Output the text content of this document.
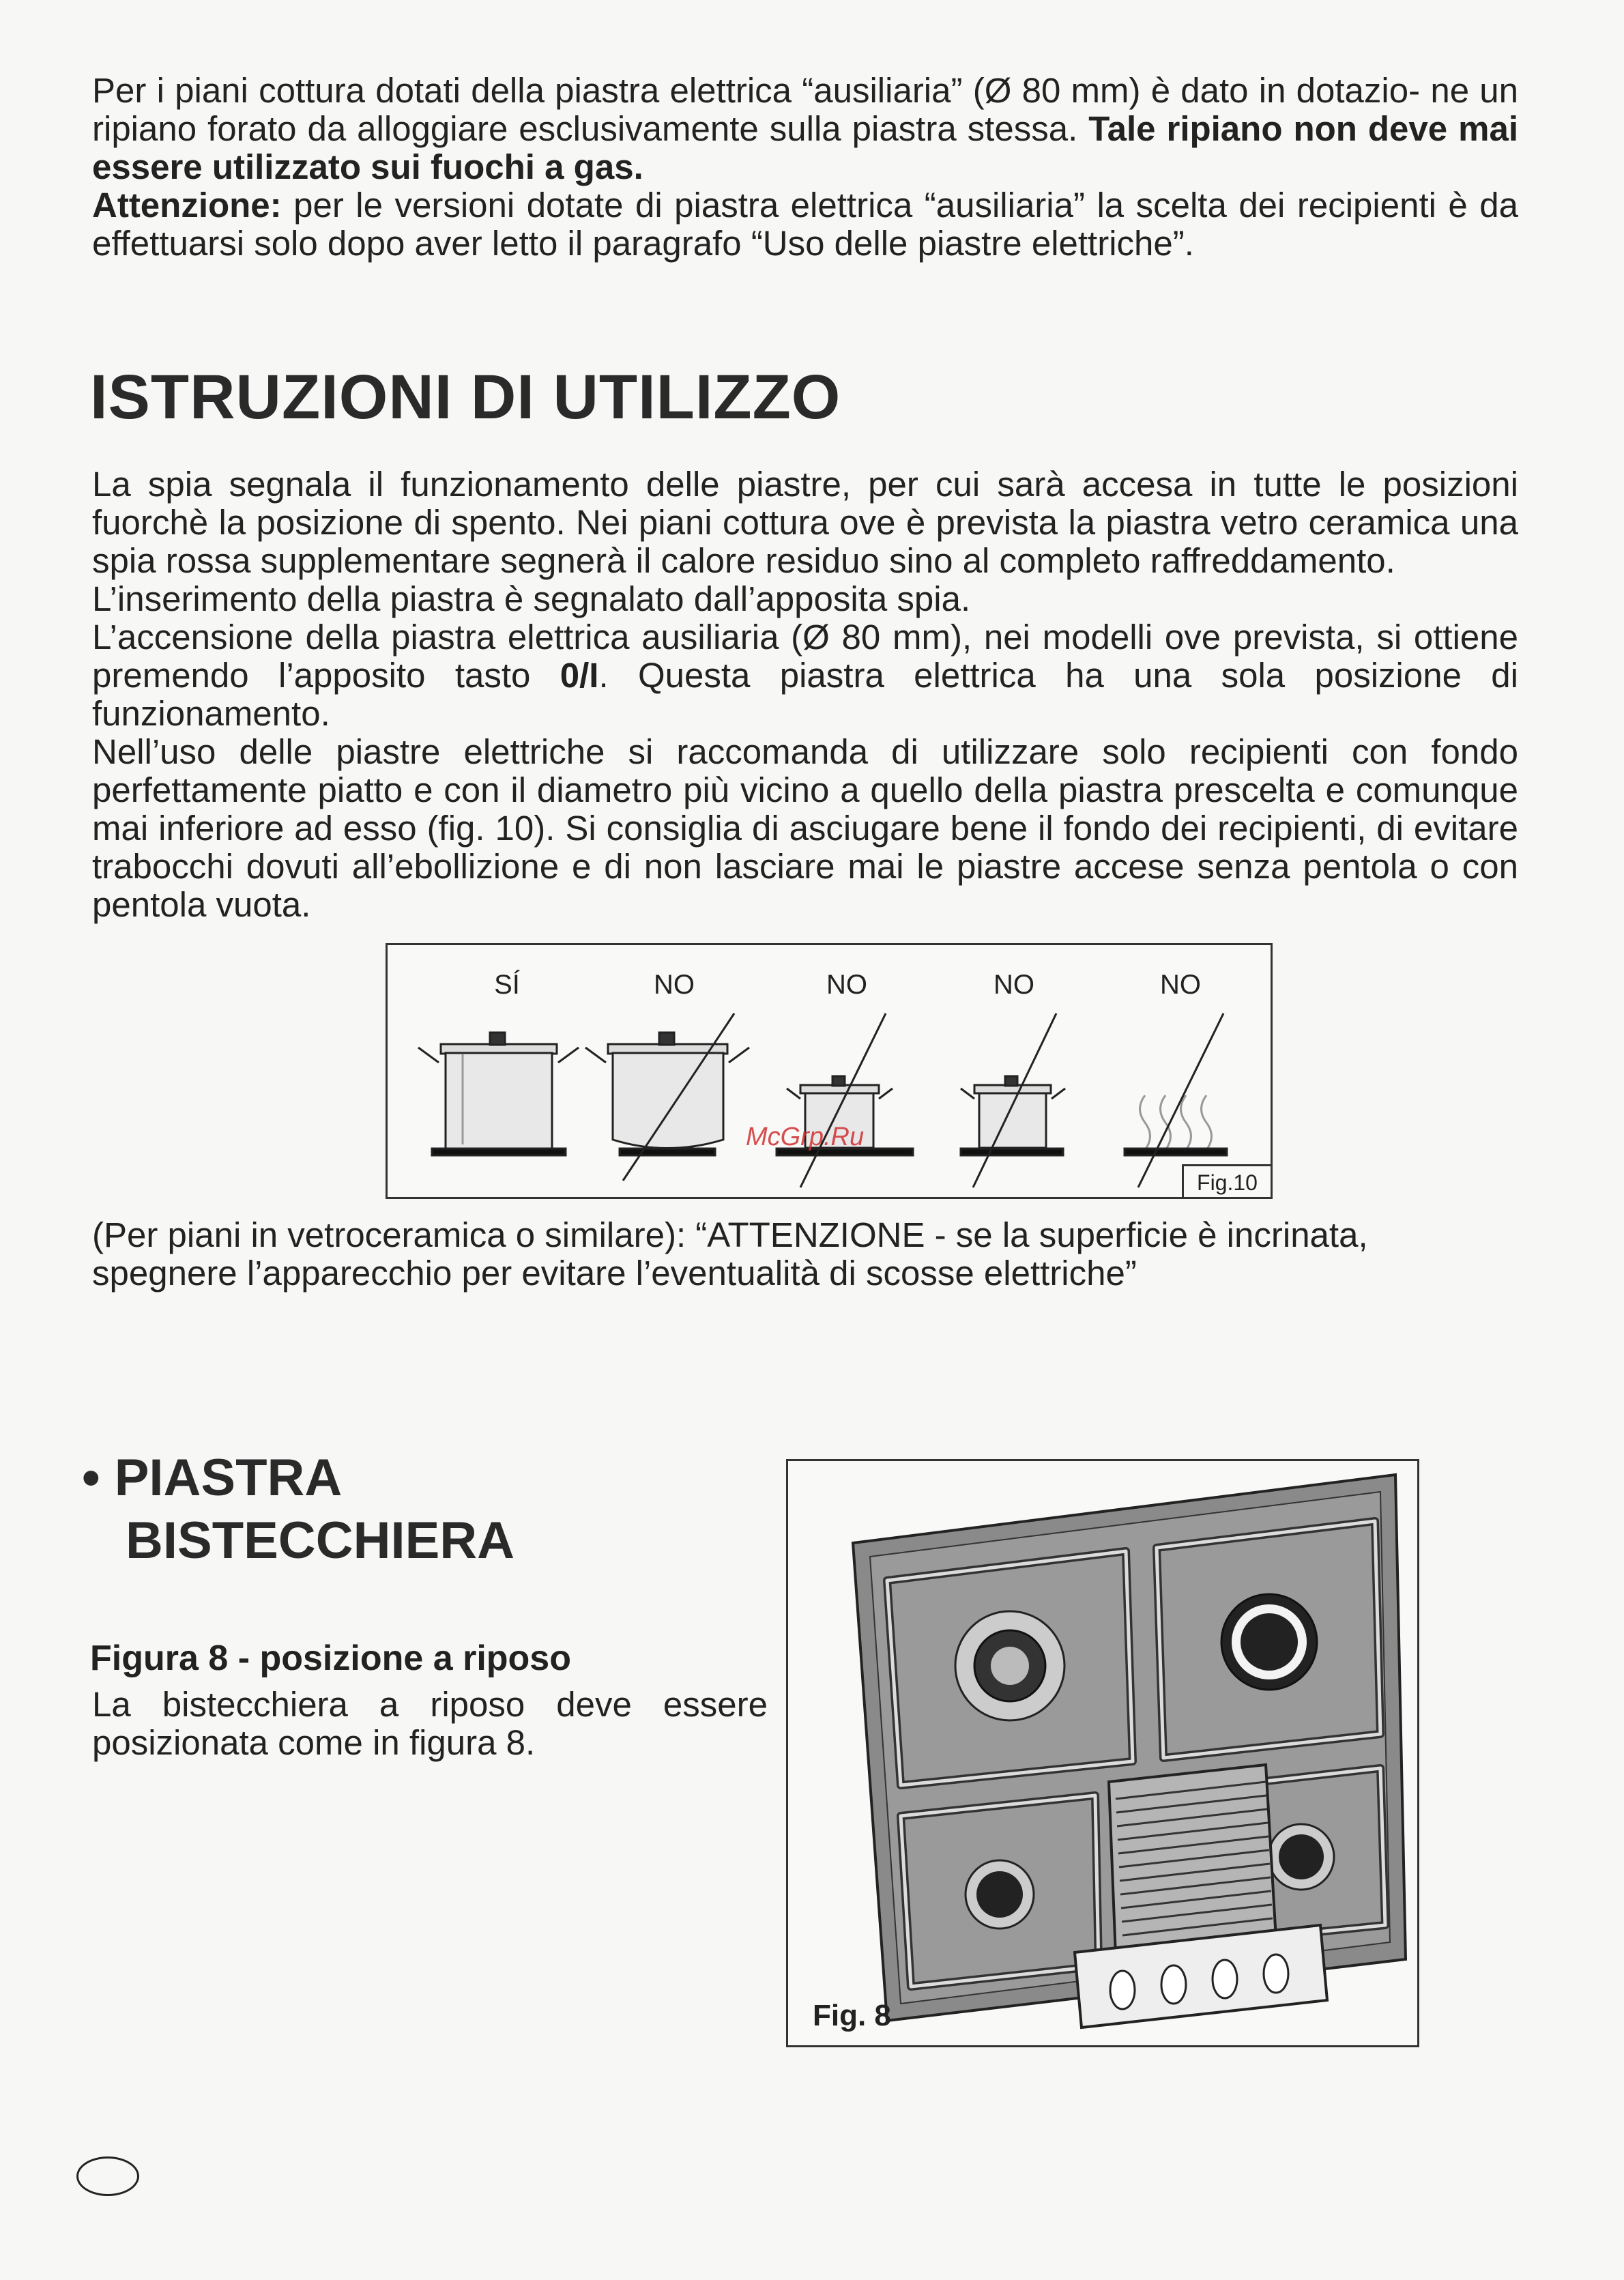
Per i piani cottura dotati della piastra elettrica “ausiliaria” (Ø 80 mm) è dato in dotazio- ne un ripiano forato da alloggiare esclusivamente sulla piastra stessa. Tale ripiano non deve mai essere utilizzato sui fuochi a gas.
Attenzione: per le versioni dotate di piastra elettrica “ausiliaria” la scelta dei recipienti è da effettuarsi solo dopo aver letto il paragrafo “Uso delle piastre elettriche”.

ISTRUZIONI DI UTILIZZO

La spia segnala il funzionamento delle piastre, per cui sarà accesa in tutte le posizioni fuorchè la posizione di spento. Nei piani cottura ove è prevista la piastra vetro ceramica una spia rossa supplementare segnerà il calore residuo sino al completo raffreddamento.
L’inserimento della piastra è segnalato dall’apposita spia.
L’accensione della piastra elettrica ausiliaria (Ø 80 mm), nei modelli ove prevista, si ottiene premendo l’apposito tasto 0/I. Questa piastra elettrica ha una sola posizione di funzionamento.
Nell’uso delle piastre elettriche si raccomanda di utilizzare solo recipienti con fondo perfettamente piatto e con il diametro più vicino a quello della piastra prescelta e comunque mai inferiore ad esso (fig. 10). Si consiglia di asciugare bene il fondo dei recipienti, di evitare trabocchi dovuti all’ebollizione e di non lasciare mai le piastre accese senza pentola o con pentola vuota.

SÍ	NO	NO	NO	NO
Fig.10
McGrp.Ru

(Per piani in vetroceramica o similare): “ATTENZIONE - se la superficie è incrinata, spegnere l’apparecchio per evitare l’eventualità di scosse elettriche”

• PIASTRA
BISTECCHIERA

Figura 8 - posizione a riposo

La bistecchiera a riposo deve essere posizionata come in figura 8.

Fig. 8
